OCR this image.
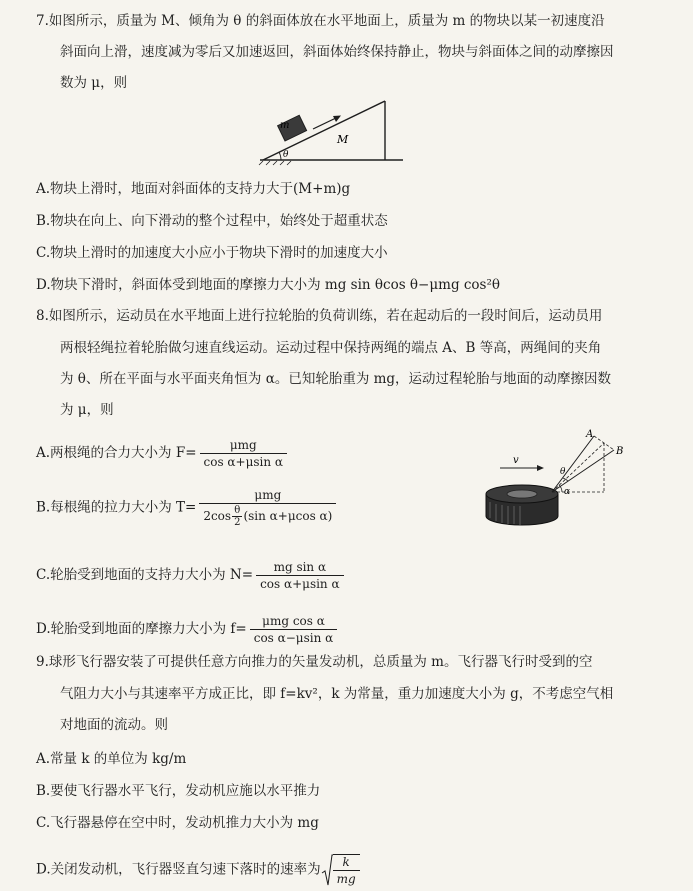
7.如图所示，质量为 M、倾角为 θ 的斜面体放在水平地面上，质量为 m 的物块以某一初速度沿
斜面向上滑，速度减为零后又加速返回，斜面体始终保持静止，物块与斜面体之间的动摩擦因
数为 μ，则
m
M
θ
A.物块上滑时，地面对斜面体的支持力大于(M+m)g
B.物块在向上、向下滑动的整个过程中，始终处于超重状态
C.物块上滑时的加速度大小应小于物块下滑时的加速度大小
D.物块下滑时，斜面体受到地面的摩擦力大小为 mg sin θcos θ−μmg cos²θ
8.如图所示，运动员在水平地面上进行拉轮胎的负荷训练，若在起动后的一段时间后，运动员用
两根轻绳拉着轮胎做匀速直线运动。运动过程中保持两绳的端点 A、B 等高，两绳间的夹角
为 θ、所在平面与水平面夹角恒为 α。已知轮胎重为 mg，运动过程轮胎与地面的动摩擦因数
为 μ，则
A.两根绳的合力大小为 $F= \frac{\text{μmg}}{\text{cos α+μsin α}}$
B.每根绳的拉力大小为 $T= \frac{\text{μmg}}{2\cos \frac{\theta}{2} (\sin \alpha+\mu\cos \alpha)}$
C.轮胎受到地面的支持力大小为 $N= \frac{\text{mg sin α}}{\text{cos α+μsin α}}$
D.轮胎受到地面的摩擦力大小为 $f= \frac{\text{μmg cos α}}{\text{cos α−μsin α}}$
v
A
B
θ
α
9.球形飞行器安装了可提供任意方向推力的矢量发动机，总质量为 m。飞行器飞行时受到的空
气阻力大小与其速率平方成正比，即 f=kv²，k 为常量，重力加速度大小为 g，不考虑空气相
对地面的流动。则
A.常量 k 的单位为 kg/m
B.要使飞行器水平飞行，发动机应施以水平推力
C.飞行器悬停在空中时，发动机推力大小为 mg
D.关闭发动机，飞行器竖直匀速下落时的速率为 $\frac{k}{mg}$
